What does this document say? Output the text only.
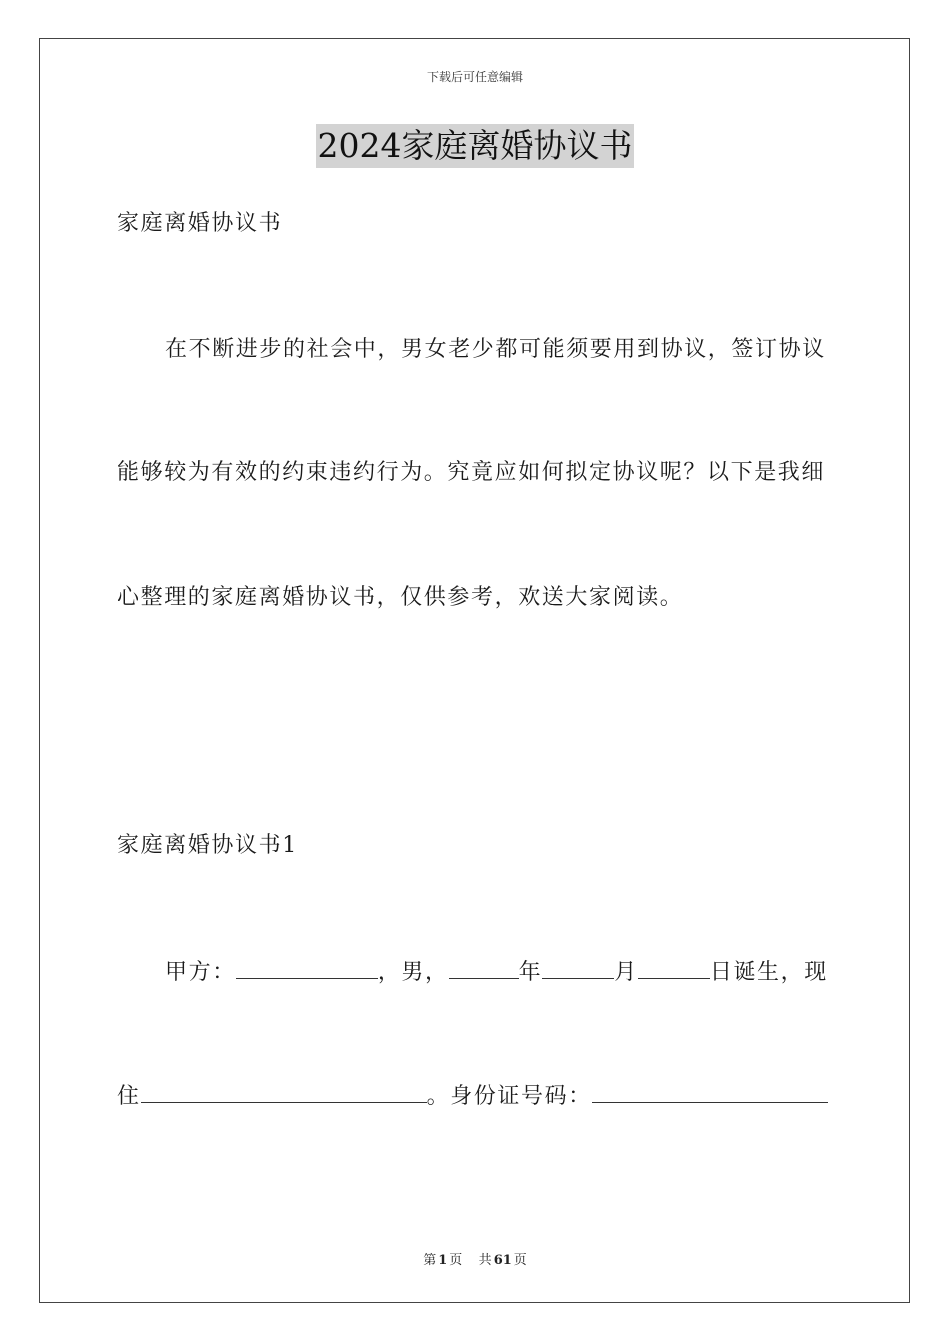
下载后可任意编辑
2024家庭离婚协议书
家庭离婚协议书
在不断进步的社会中，男女老少都可能须要用到协议，签订协议
能够较为有效的约束违约行为。究竟应如何拟定协议呢？以下是我细
心整理的家庭离婚协议书，仅供参考，欢送大家阅读。
家庭离婚协议书1
甲方：	，男，	年	月	日诞生，现
住	。身份证号码：
第 1 页 共 61 页
